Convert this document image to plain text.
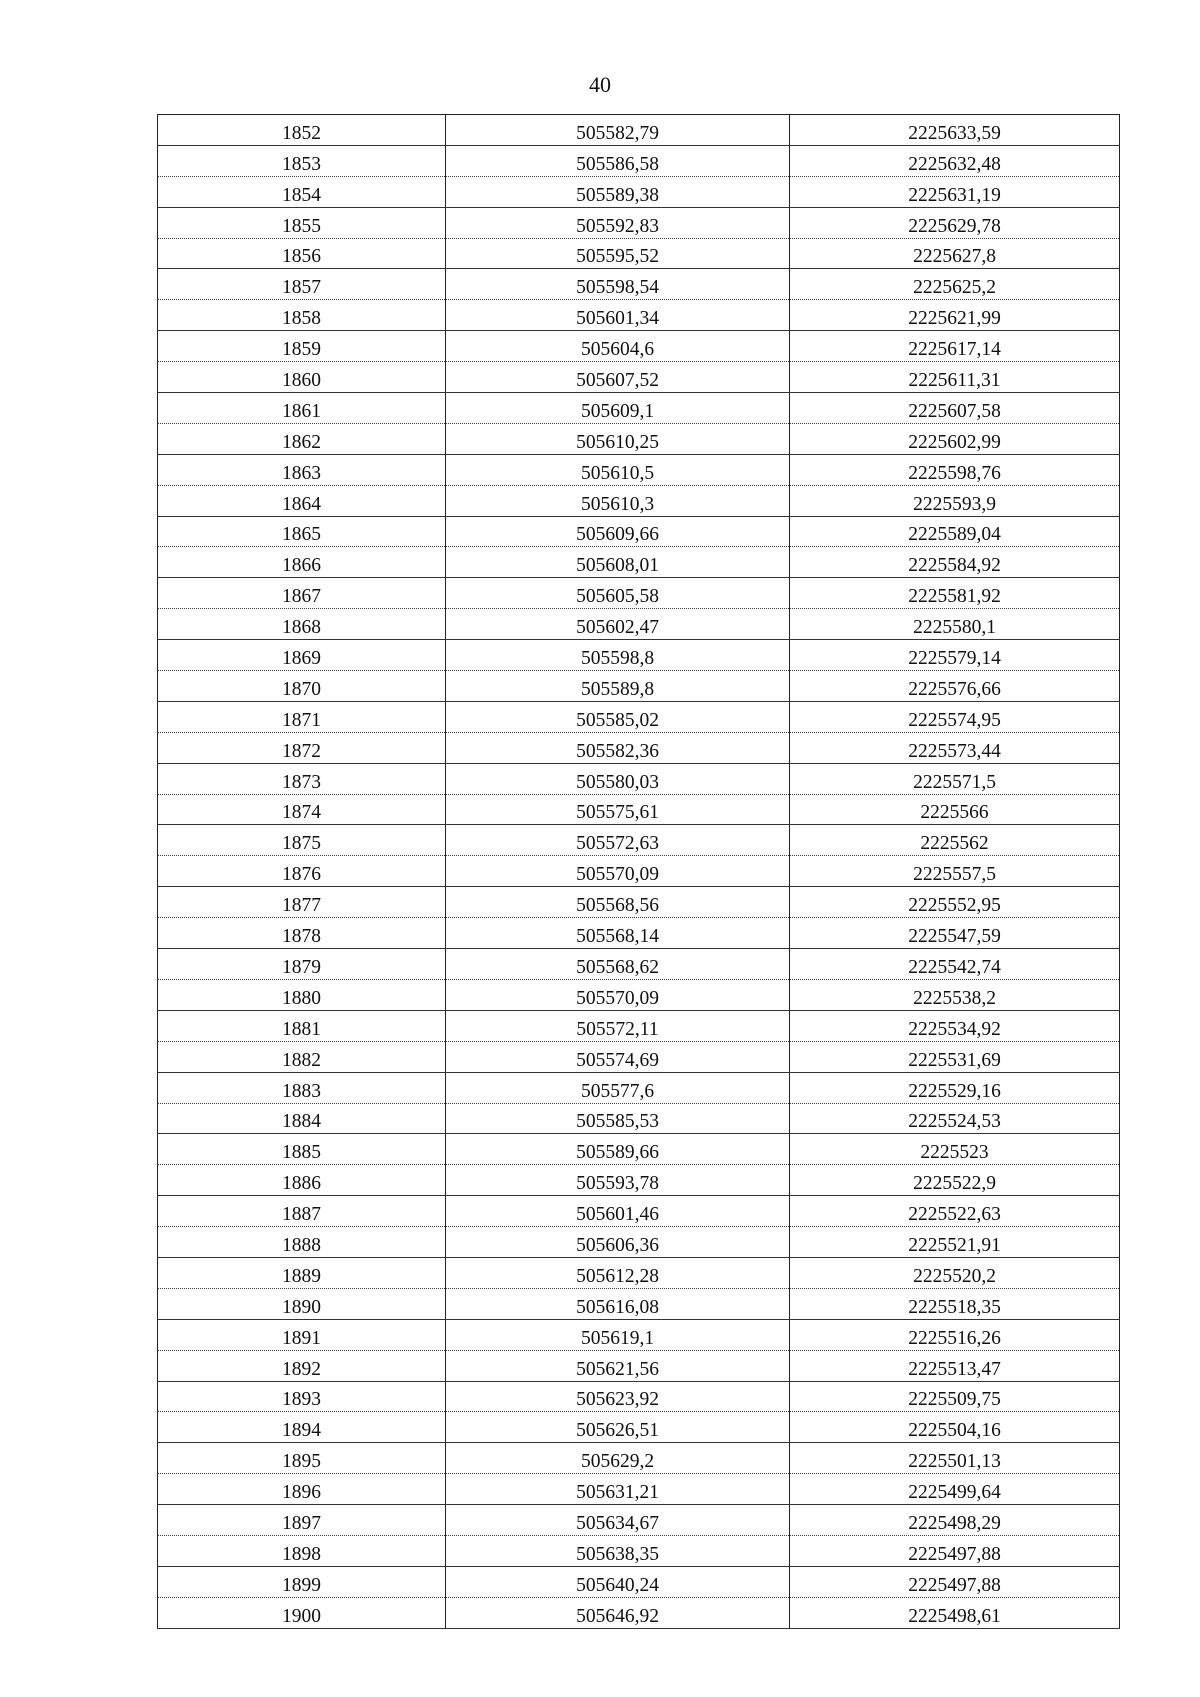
40
1852	505582,79	2225633,59
1853	505586,58	2225632,48
1854	505589,38	2225631,19
1855	505592,83	2225629,78
1856	505595,52	2225627,8
1857	505598,54	2225625,2
1858	505601,34	2225621,99
1859	505604,6	2225617,14
1860	505607,52	2225611,31
1861	505609,1	2225607,58
1862	505610,25	2225602,99
1863	505610,5	2225598,76
1864	505610,3	2225593,9
1865	505609,66	2225589,04
1866	505608,01	2225584,92
1867	505605,58	2225581,92
1868	505602,47	2225580,1
1869	505598,8	2225579,14
1870	505589,8	2225576,66
1871	505585,02	2225574,95
1872	505582,36	2225573,44
1873	505580,03	2225571,5
1874	505575,61	2225566
1875	505572,63	2225562
1876	505570,09	2225557,5
1877	505568,56	2225552,95
1878	505568,14	2225547,59
1879	505568,62	2225542,74
1880	505570,09	2225538,2
1881	505572,11	2225534,92
1882	505574,69	2225531,69
1883	505577,6	2225529,16
1884	505585,53	2225524,53
1885	505589,66	2225523
1886	505593,78	2225522,9
1887	505601,46	2225522,63
1888	505606,36	2225521,91
1889	505612,28	2225520,2
1890	505616,08	2225518,35
1891	505619,1	2225516,26
1892	505621,56	2225513,47
1893	505623,92	2225509,75
1894	505626,51	2225504,16
1895	505629,2	2225501,13
1896	505631,21	2225499,64
1897	505634,67	2225498,29
1898	505638,35	2225497,88
1899	505640,24	2225497,88
1900	505646,92	2225498,61
